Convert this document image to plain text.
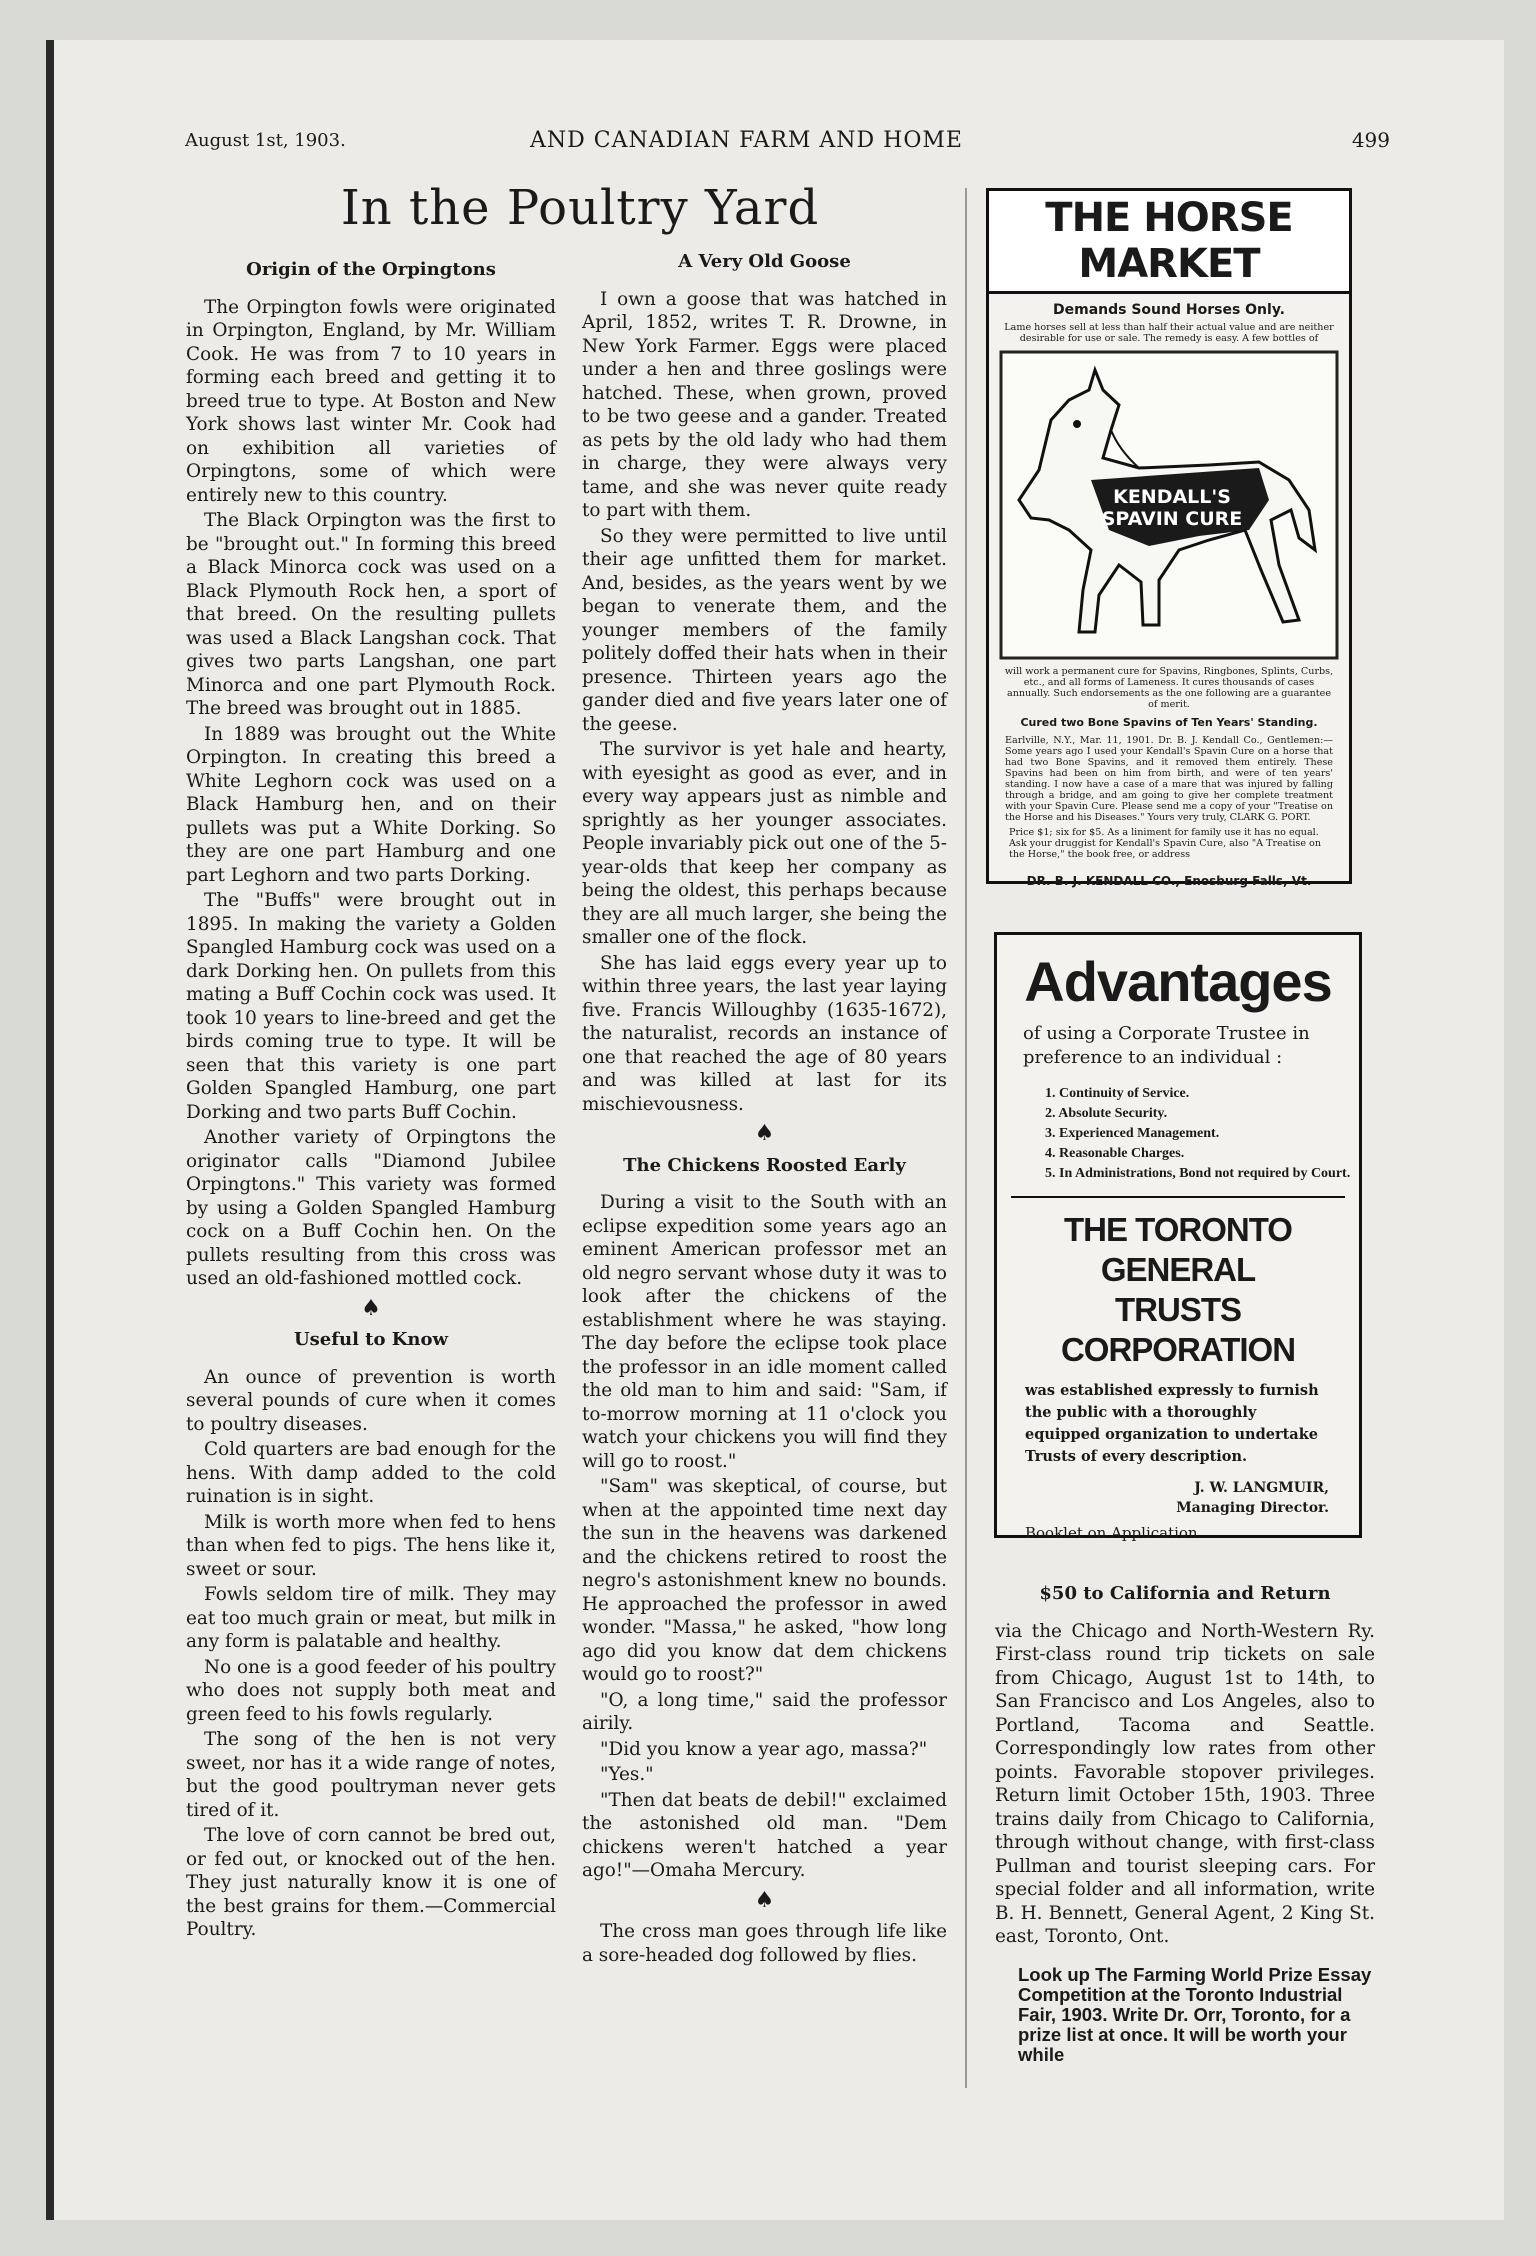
August 1st, 1903.	AND CANADIAN FARM AND HOME	499
In the Poultry Yard
Origin of the Orpingtons

The Orpington fowls were originated in Orpington, England, by Mr. William Cook. He was from 7 to 10 years in forming each breed and getting it to breed true to type. At Boston and New York shows last winter Mr. Cook had on exhibition all varieties of Orpingtons, some of which were entirely new to this country.

The Black Orpington was the first to be "brought out." In forming this breed a Black Minorca cock was used on a Black Plymouth Rock hen, a sport of that breed. On the resulting pullets was used a Black Langshan cock. That gives two parts Langshan, one part Minorca and one part Plymouth Rock. The breed was brought out in 1885.

In 1889 was brought out the White Orpington. In creating this breed a White Leghorn cock was used on a Black Hamburg hen, and on their pullets was put a White Dorking. So they are one part Hamburg and one part Leghorn and two parts Dorking.

The "Buffs" were brought out in 1895. In making the variety a Golden Spangled Hamburg cock was used on a dark Dorking hen. On pullets from this mating a Buff Cochin cock was used. It took 10 years to line-breed and get the birds coming true to type. It will be seen that this variety is one part Golden Spangled Hamburg, one part Dorking and two parts Buff Cochin.

Another variety of Orpingtons the originator calls "Diamond Jubilee Orpingtons." This variety was formed by using a Golden Spangled Hamburg cock on a Buff Cochin hen. On the pullets resulting from this cross was used an old-fashioned mottled cock.

♠
Useful to Know

An ounce of prevention is worth several pounds of cure when it comes to poultry diseases.

Cold quarters are bad enough for the hens. With damp added to the cold ruination is in sight.

Milk is worth more when fed to hens than when fed to pigs. The hens like it, sweet or sour.

Fowls seldom tire of milk. They may eat too much grain or meat, but milk in any form is palatable and healthy.

No one is a good feeder of his poultry who does not supply both meat and green feed to his fowls regularly.

The song of the hen is not very sweet, nor has it a wide range of notes, but the good poultryman never gets tired of it.

The love of corn cannot be bred out, or fed out, or knocked out of the hen. They just naturally know it is one of the best grains for them.—Commercial Poultry.

A Very Old Goose

I own a goose that was hatched in April, 1852, writes T. R. Drowne, in New York Farmer. Eggs were placed under a hen and three goslings were hatched. These, when grown, proved to be two geese and a gander. Treated as pets by the old lady who had them in charge, they were always very tame, and she was never quite ready to part with them.

So they were permitted to live until their age unfitted them for market. And, besides, as the years went by we began to venerate them, and the younger members of the family politely doffed their hats when in their presence. Thirteen years ago the gander died and five years later one of the geese.

The survivor is yet hale and hearty, with eyesight as good as ever, and in every way appears just as nimble and sprightly as her younger associates. People invariably pick out one of the 5-year-olds that keep her company as being the oldest, this perhaps because they are all much larger, she being the smaller one of the flock.

She has laid eggs every year up to within three years, the last year laying five. Francis Willoughby (1635-1672), the naturalist, records an instance of one that reached the age of 80 years and was killed at last for its mischievousness.

♠
The Chickens Roosted Early

During a visit to the South with an eclipse expedition some years ago an eminent American professor met an old negro servant whose duty it was to look after the chickens of the establishment where he was staying. The day before the eclipse took place the professor in an idle moment called the old man to him and said: "Sam, if to-morrow morning at 11 o'clock you watch your chickens you will find they will go to roost."

"Sam" was skeptical, of course, but when at the appointed time next day the sun in the heavens was darkened and the chickens retired to roost the negro's astonishment knew no bounds. He approached the professor in awed wonder. "Massa," he asked, "how long ago did you know dat dem chickens would go to roost?"

"O, a long time," said the professor airily.

"Did you know a year ago, massa?"

"Yes."

"Then dat beats de debil!" exclaimed the astonished old man. "Dem chickens weren't hatched a year ago!"—Omaha Mercury.

♠

The cross man goes through life like a sore-headed dog followed by flies.

THE HORSE MARKET
Demands Sound Horses Only.
Lame horses sell at less than half their actual value and are neither desirable for use or sale. The remedy is easy. A few bottles of
KENDALL'S
SPAVIN CURE
will work a permanent cure for Spavins, Ringbones, Splints, Curbs, etc., and all forms of Lameness. It cures thousands of cases annually. Such endorsements as the one following are a guarantee of merit.
Cured two Bone Spavins of Ten Years' Standing.
Earlville, N.Y., Mar. 11, 1901. Dr. B. J. Kendall Co., Gentlemen:—Some years ago I used your Kendall's Spavin Cure on a horse that had two Bone Spavins, and it removed them entirely. These Spavins had been on him from birth, and were of ten years' standing. I now have a case of a mare that was injured by falling through a bridge, and am going to give her complete treatment with your Spavin Cure. Please send me a copy of your "Treatise on the Horse and his Diseases." Yours very truly, CLARK G. PORT.
Price $1; six for $5. As a liniment for family use it has no equal. Ask your druggist for Kendall's Spavin Cure, also "A Treatise on the Horse," the book free, or address
DR. B. J. KENDALL CO., Enosburg Falls, Vt.
Advantages
of using a Corporate Trustee in preference to an individual :
1. Continuity of Service.
2. Absolute Security.
3. Experienced Management.
4. Reasonable Charges.
5. In Administrations, Bond not required by Court.
THE TORONTO GENERAL
TRUSTS CORPORATION
was established expressly to furnish the public with a thoroughly equipped organization to undertake Trusts of every description.
J. W. LANGMUIR,
Managing Director.
Booklet on Application.
$50 to California and Return

via the Chicago and North-Western Ry. First-class round trip tickets on sale from Chicago, August 1st to 14th, to San Francisco and Los Angeles, also to Portland, Tacoma and Seattle. Correspondingly low rates from other points. Favorable stopover privileges. Return limit October 15th, 1903. Three trains daily from Chicago to California, through without change, with first-class Pullman and tourist sleeping cars. For special folder and all information, write B. H. Bennett, General Agent, 2 King St. east, Toronto, Ont.

Look up The Farming World Prize Essay Competition at the Toronto Industrial Fair, 1903. Write Dr. Orr, Toronto, for a prize list at once. It will be worth your while
